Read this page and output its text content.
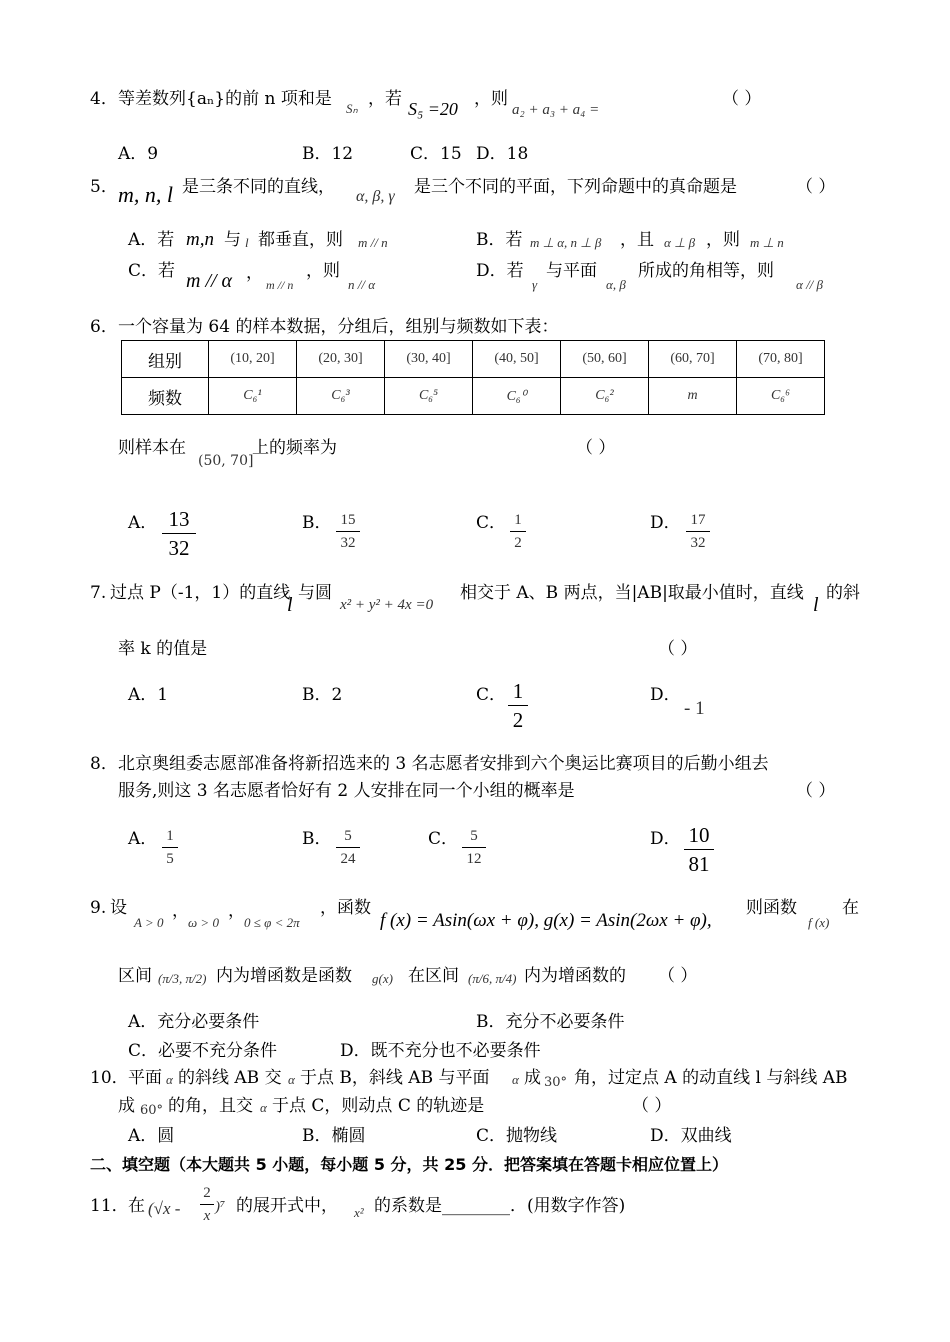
4． 等差数列{aₙ}的前 n 项和是 Sₙ ，若 S₅ =20 ，则
a₂ + a₃ + a₄ =
（ ）
A．9	B．12	C．15 D．18
5． m, n, l 是三条不同的直线， α, β, γ 是三个不同的平面，下列命题中的真命题是	（ ）
A．若 m,n 与 l 都垂直，则 m // n	B．若 m ⊥ α, n ⊥ β ，且 α ⊥ β ，则 m ⊥ n
C．若 m // α ，
m // n
，则
n // α
D．若
γ
与平面
α, β
所成的角相等，则
α // β
6． 一个容量为 64 的样本数据，分组后，组别与频数如下表：
组别	(10, 20]	(20, 30]	(30, 40]	(40, 50]	(50, 60]	(60, 70]	(70, 80]
频数	C₆¹	C₆³	C₆⁵	C₆⁰	C₆²	m	C₆⁶
则样本在
(50, 70]
上的频率为	（ ）
A． 13
32
B． 15
32
C． 1
2
D． 17
32
7. 过点 P（-1，1）的直线
l
与圆
x² + y² + 4x =0
相交于 A、B 两点，当|AB|取最小值时，直线
l
的斜
率 k 的值是	（ ）
A．1	B．2	C． 1
2
D．
- 1
8． 北京奥组委志愿部准备将新招选来的 3 名志愿者安排到六个奥运比赛项目的后勤小组去
服务,则这 3 名志愿者恰好有 2 人安排在同一个小组的概率是	（ ）
A． 1
5
B． 5
24
C． 5
12
D． 10
81
9. 设
A > 0
，
ω > 0
，
0 ≤ φ < 2π
，函数
f (x) = Asin(ωx + φ), g(x) = Asin(2ωx + φ),
则函数
f (x)
在
区间 (π/3, π/2) 内为增函数是函数 g(x) 在区间 (π/6, π/4) 内为增函数的 （ ）
A．充分必要条件	B．充分不必要条件
C．必要不充分条件	D．既不充分也不必要条件
10． 平面 α 的斜线 AB 交 α 于点 B，斜线 AB 与平面 α 成 30° 角，过定点 A 的动直线 l 与斜线 AB
成 60° 的角，且交 α 于点 C，则动点 C 的轨迹是	（ ）
A．圆	B．椭圆	C．抛物线	D．双曲线
二、填空题（本大题共 5 小题，每小题 5 分，共 25 分．把答案填在答题卡相应位置上）
11． 在 (√x -
2
x
)⁷ 的展开式中， x² 的系数是________．(用数字作答)
